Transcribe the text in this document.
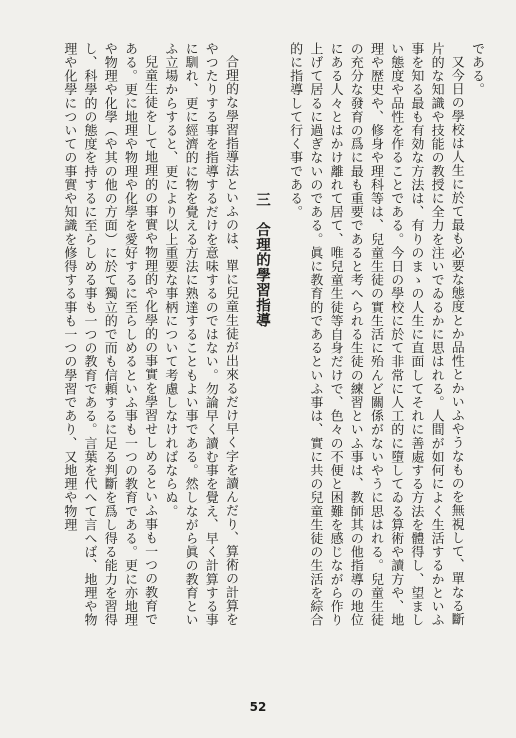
である。

又今日の學校は人生に於て最も必要な態度とか品性とかいふやうなものを無視して、單なる斷片的な知識や技能の教授に全力を注いでゐるかに思はれる。人間が如何によく生活するかといふ事を知る最も有効な方法は、有りのまゝの人生に直面してそれに善處する方法を體得し、望ましい態度や品性を作ることである。今日の學校に於て非常に人工的に墮してゐる算術や讀方や、地理や歴史や、修身や理科等は、兒童生徒の實生活に殆んど關係がないやうに思はれる。兒童生徒の充分な發育の爲に最も重要であると考へられる生徒の練習といふ事は、教師其の他指導の地位にある人々とはかけ離れて居て、唯兒童生徒等自身だけで、色々の不便と困難を感じながら作り上げて居るに過ぎないのである。眞に教育的であるといふ事は、實に共の兒童生徒の生活を綜合的に指導して行く事である。

三　合理的學習指導

合理的な學習指導法といふのは、單に兒童生徒が出來るだけ早く字を讀んだり、算術の計算をやつたりする事を指導するだけを意味するのではない。勿論早く讀む事を覺え、早く計算する事に馴れ、更に經濟的に物を覺える方法に熟達することもよい事である。然しながら眞の教育といふ立場からすると、更により以上重要な事柄について考慮しなければならぬ。

兒童生徒をして地理的の事實や物理的や化學的の事實を學習せしめるといふ事も一つの教育である。更に地理や物理や化學を愛好するに至らしめるといふ事も一つの教育である。更に亦地理や物理や化學（や其の他の方面）に於て獨立的で而も信頼するに足る判斷を爲し得る能力を習得し、科學的の態度を持するに至らしめる事も一つの教育である。言葉を代へて言へば、地理や物理や化學についての事實や知識を修得する事も一つの學習であり、又地理や物理

52
